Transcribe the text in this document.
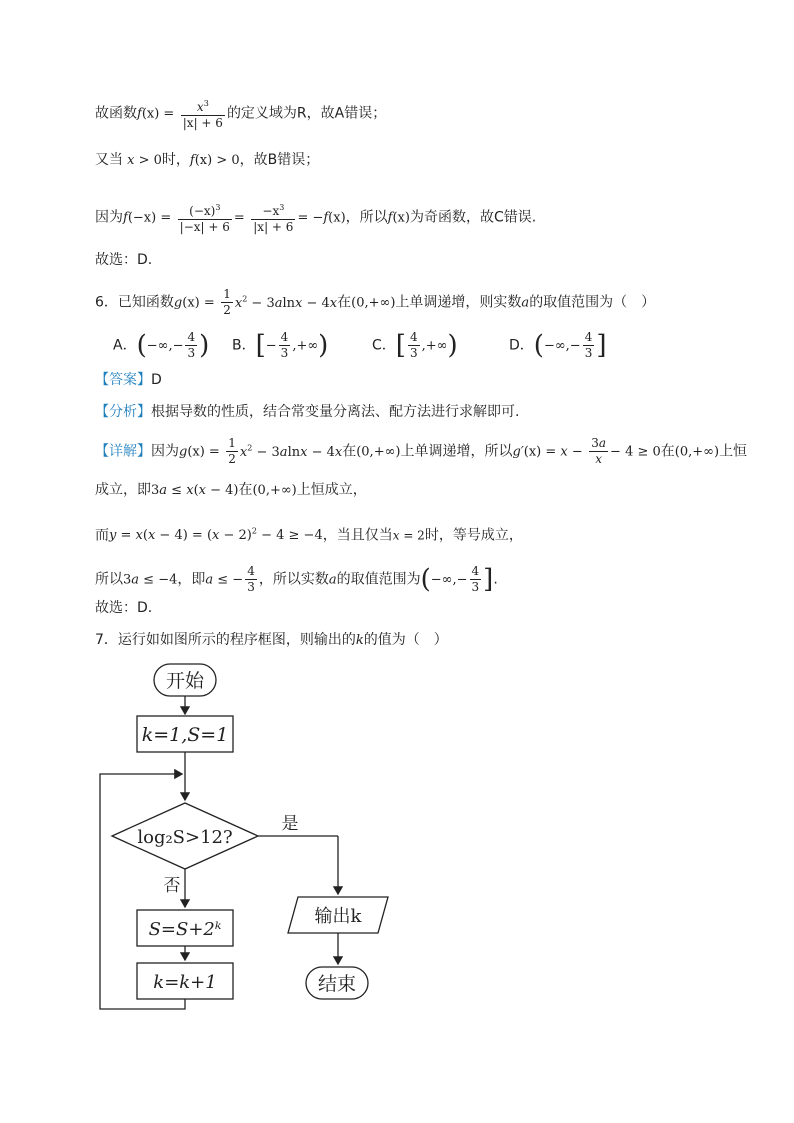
故函数$f(x) = \frac{x^3}{|x| + 6}$ 的定义域为R，故A错误；
又当 x > 0时，f(x) > 0，故B错误；
因为$f(-x) = \frac{(-x)^3}{|-x| + 6} = \frac{-x^3}{|x| + 6} = -f(x)$，所以f(x)为奇函数，故C错误.
故选：D.
6．已知函数$g(x) = \frac{1}{2} x^2 - 3alnx - 4x$在(0,+∞)上单调递增，则实数a的取值范围为（　）
A．(−∞,− $\frac{4}{3}$ ) B．[− $\frac{4}{3}$ ,+∞)	C．[ $\frac{4}{3}$ ,+∞)	D．(−∞,− $\frac{4}{3}$ ]
【答案】D
【分析】根据导数的性质，结合常变量分离法、配方法进行求解即可.
【详解】因为$g(x) = \frac{1}{2} x^2 - 3alnx - 4x$在(0,+∞)上单调递增，所以$g'(x) = x - \frac{3a}{x} - 4 \ge 0$在(0,+∞)上恒
成立，即3a ≤ x(x − 4)在(0,+∞)上恒成立，
而$y = x(x - 4) = (x - 2)^2 - 4 \ge -4$，当且仅当x = 2时，等号成立，
所以3a ≤ −4，即a ≤ − $\frac{4}{3}$ ，所以实数a的取值范围为(−∞,− $\frac{4}{3}$ ].
故选：D.
7．运行如如图所示的程序框图，则输出的k的值为（　）
开始
k=1,S=1
log₂S>12?
是
否
S=S+2ᵏ
k=k+1
输出k
结束
